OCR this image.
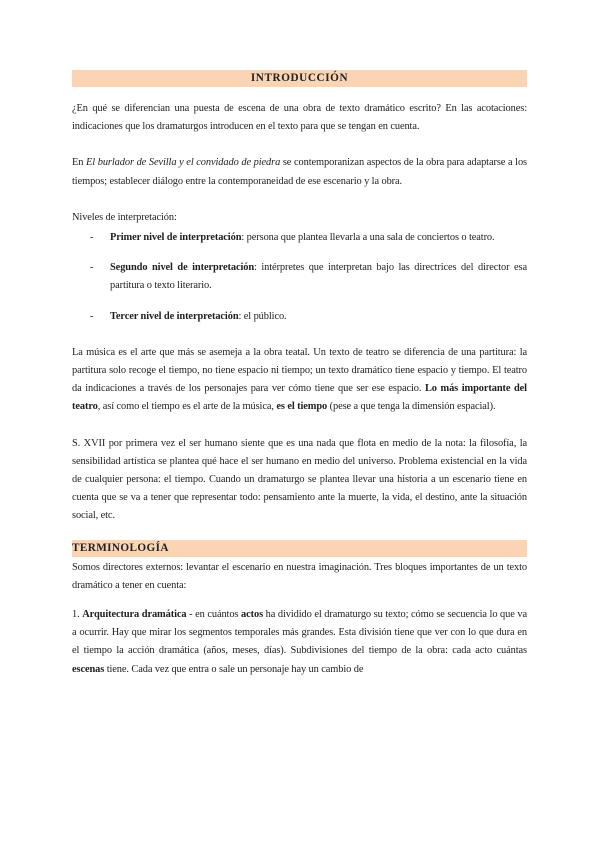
INTRODUCCIÓN

¿En qué se diferencian una puesta de escena de una obra de texto dramático escrito? En las acotaciones: indicaciones que los dramaturgos introducen en el texto para que se tengan en cuenta.

En El burlador de Sevilla y el convidado de piedra se contemporanizan aspectos de la obra para adaptarse a los tiempos; establecer diálogo entre la contemporaneidad de ese escenario y la obra.

Niveles de interpretación:

- Primer nivel de interpretación: persona que plantea llevarla a una sala de conciertos o teatro.
- Segundo nivel de interpretación: intérpretes que interpretan bajo las directrices del director esa partitura o texto literario.
- Tercer nivel de interpretación: el público.

La música es el arte que más se asemeja a la obra teatal. Un texto de teatro se diferencia de una partitura: la partitura solo recoge el tiempo, no tiene espacio ni tiempo; un texto dramático tiene espacio y tiempo. El teatro da indicaciones a través de los personajes para ver cómo tiene que ser ese espacio. Lo más importante del teatro, así como el tiempo es el arte de la música, es el tiempo (pese a que tenga la dimensión espacial).

S. XVII por primera vez el ser humano siente que es una nada que flota en medio de la nota: la filosofía, la sensibilidad artística se plantea qué hace el ser humano en medio del universo. Problema existencial en la vida de cualquier persona: el tiempo. Cuando un dramaturgo se plantea llevar una historia a un escenario tiene en cuenta que se va a tener que representar todo: pensamiento ante la muerte, la vida, el destino, ante la situación social, etc.

TERMINOLOGÍA

Somos directores externos: levantar el escenario en nuestra imaginación. Tres bloques importantes de un texto dramático a tener en cuenta:

1. Arquitectura dramática - en cuántos actos ha dividido el dramaturgo su texto; cómo se secuencia lo que va a ocurrir. Hay que mirar los segmentos temporales más grandes. Esta división tiene que ver con lo que dura en el tiempo la acción dramática (años, meses, días). Subdivisiones del tiempo de la obra: cada acto cuántas escenas tiene. Cada vez que entra o sale un personaje hay un cambio de
